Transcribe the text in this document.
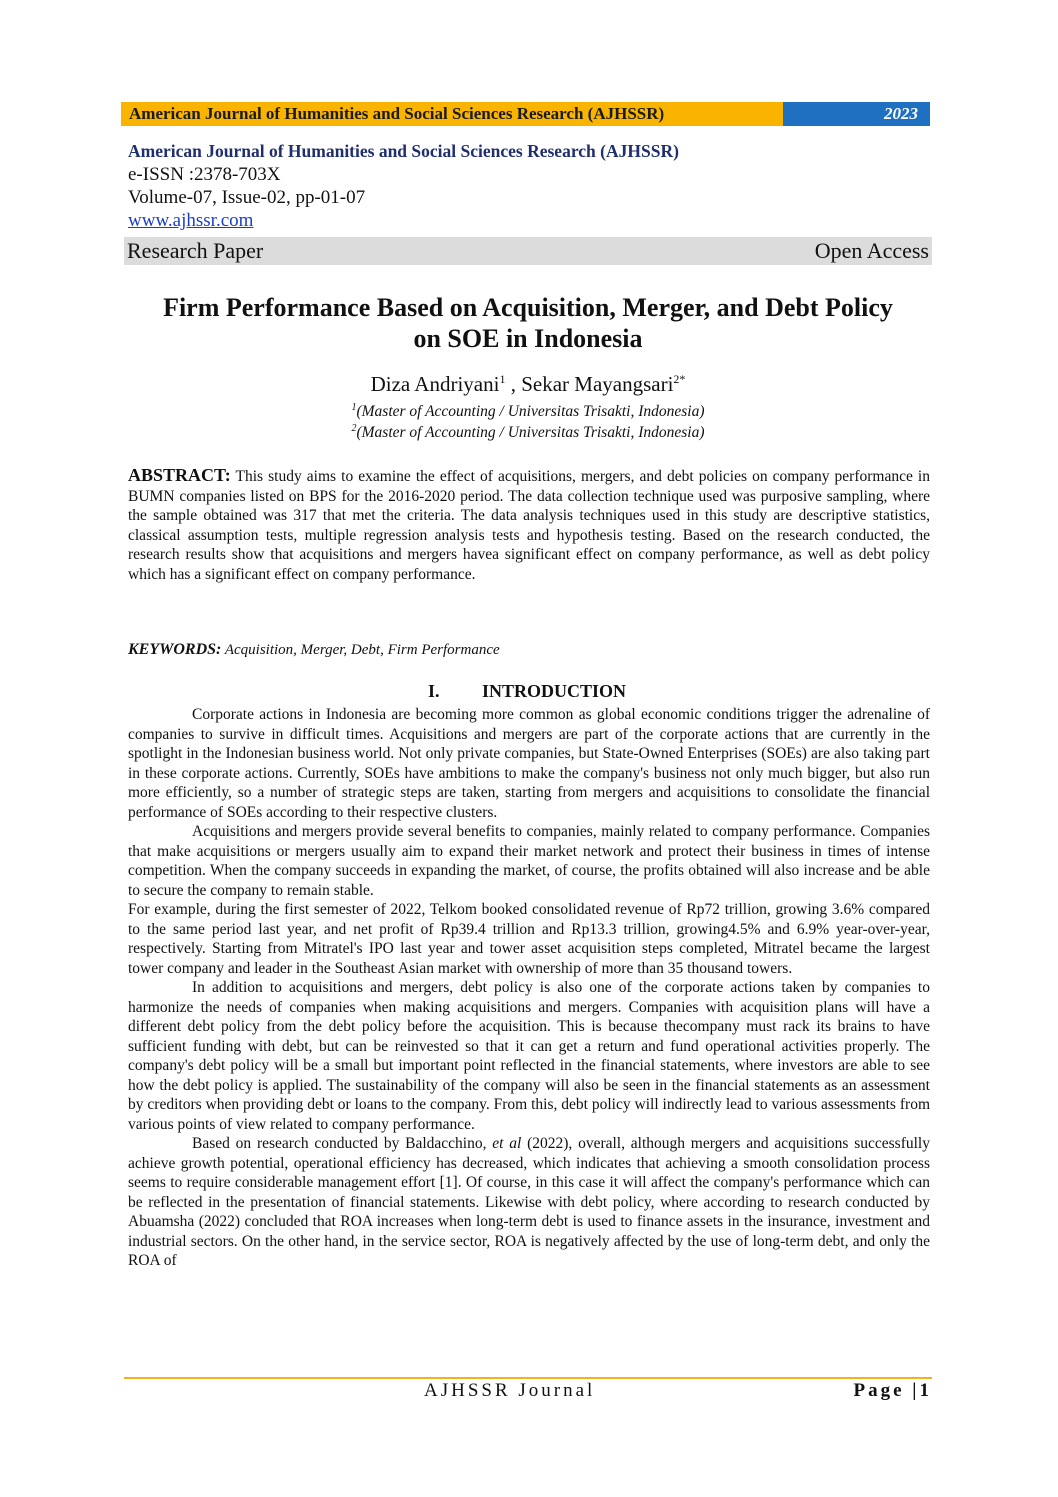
American Journal of Humanities and Social Sciences Research (AJHSSR)	2023
American Journal of Humanities and Social Sciences Research (AJHSSR)
e-ISSN :2378-703X
Volume-07, Issue-02, pp-01-07
www.ajhssr.com
Research Paper	Open Access
Firm Performance Based on Acquisition, Merger, and Debt Policy
on SOE in Indonesia
Diza Andriyani$^1$ , Sekar Mayangsari$^{2*}$
$^1$(Master of Accounting / Universitas Trisakti, Indonesia)
$^2$(Master of Accounting / Universitas Trisakti, Indonesia)
ABSTRACT: This study aims to examine the effect of acquisitions, mergers, and debt policies on company performance in BUMN companies listed on BPS for the 2016-2020 period. The data collection technique used was purposive sampling, where the sample obtained was 317 that met the criteria. The data analysis techniques used in this study are descriptive statistics, classical assumption tests, multiple regression analysis tests and hypothesis testing. Based on the research conducted, the research results show that acquisitions and mergers havea significant effect on company performance, as well as debt policy which has a significant effect on company performance.
KEYWORDS: Acquisition, Merger, Debt, Firm Performance
I. INTRODUCTION

Corporate actions in Indonesia are becoming more common as global economic conditions trigger the adrenaline of companies to survive in difficult times. Acquisitions and mergers are part of the corporate actions that are currently in the spotlight in the Indonesian business world. Not only private companies, but State-Owned Enterprises (SOEs) are also taking part in these corporate actions. Currently, SOEs have ambitions to make the company's business not only much bigger, but also run more efficiently, so a number of strategic steps are taken, starting from mergers and acquisitions to consolidate the financial performance of SOEs according to their respective clusters.

Acquisitions and mergers provide several benefits to companies, mainly related to company performance. Companies that make acquisitions or mergers usually aim to expand their market network and protect their business in times of intense competition. When the company succeeds in expanding the market, of course, the profits obtained will also increase and be able to secure the company to remain stable.

For example, during the first semester of 2022, Telkom booked consolidated revenue of Rp72 trillion, growing 3.6% compared to the same period last year, and net profit of Rp39.4 trillion and Rp13.3 trillion, growing4.5% and 6.9% year-over-year, respectively. Starting from Mitratel's IPO last year and tower asset acquisition steps completed, Mitratel became the largest tower company and leader in the Southeast Asian market with ownership of more than 35 thousand towers.

In addition to acquisitions and mergers, debt policy is also one of the corporate actions taken by companies to harmonize the needs of companies when making acquisitions and mergers. Companies with acquisition plans will have a different debt policy from the debt policy before the acquisition. This is because thecompany must rack its brains to have sufficient funding with debt, but can be reinvested so that it can get a return and fund operational activities properly. The company's debt policy will be a small but important point reflected in the financial statements, where investors are able to see how the debt policy is applied. The sustainability of the company will also be seen in the financial statements as an assessment by creditors when providing debt or loans to the company. From this, debt policy will indirectly lead to various assessments from various points of view related to company performance.

Based on research conducted by Baldacchino, et al (2022), overall, although mergers and acquisitions successfully achieve growth potential, operational efficiency has decreased, which indicates that achieving a smooth consolidation process seems to require considerable management effort [1]. Of course, in this case it will affect the company's performance which can be reflected in the presentation of financial statements. Likewise with debt policy, where according to research conducted by Abuamsha (2022) concluded that ROA increases when long-term debt is used to finance assets in the insurance, investment and industrial sectors. On the other hand, in the service sector, ROA is negatively affected by the use of long-term debt, and only the ROA of

AJHSSR Journal	Page |1
